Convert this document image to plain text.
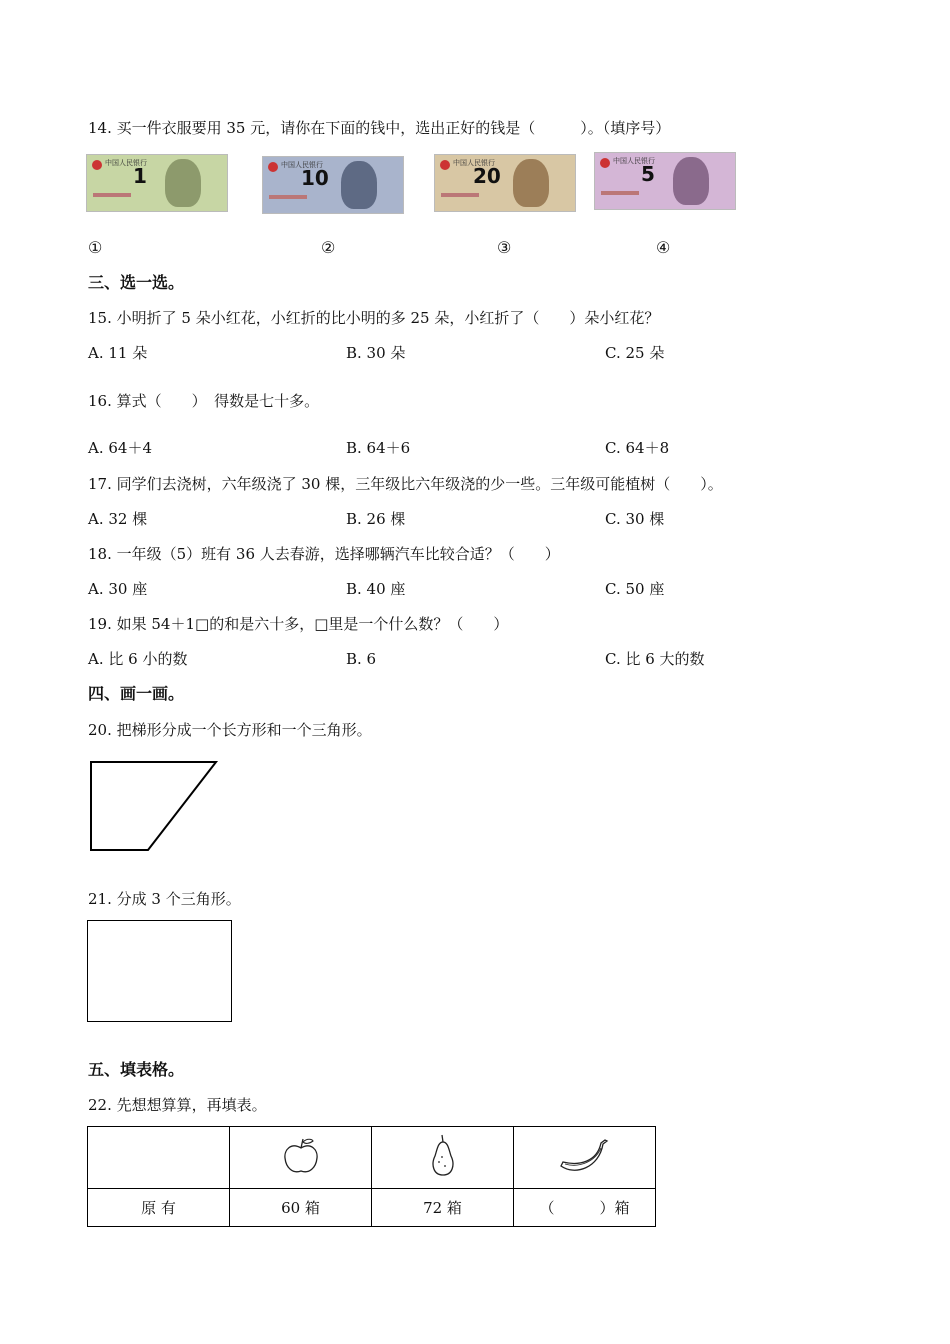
14. 买一件衣服要用 35 元，请你在下面的钱中，选出正好的钱是（　　　）。（填序号）
中国人民银行
1	中国人民银行
10
中国人民银行
20
中国人民银行
5
①	②	③	④
三、选一选。
15. 小明折了 5 朵小红花，小红折的比小明的多 25 朵，小红折了（　　）朵小红花？
A. 11 朵	B. 30 朵	C. 25 朵
16. 算式（　　）　得数是七十多。
A. 64＋4	B. 64＋6	C. 64＋8
17. 同学们去浇树，六年级浇了 30 棵，三年级比六年级浇的少一些。三年级可能植树（　　）。
A. 32 棵	B. 26 棵	C. 30 棵
18. 一年级（5）班有 36 人去春游，选择哪辆汽车比较合适？（　　）
A. 30 座	B. 40 座	C. 50 座
19. 如果 54＋1□的和是六十多，□里是一个什么数？（　　）
A. 比 6 小的数	B. 6	C. 比 6 大的数
四、画一画。
20. 把梯形分成一个长方形和一个三角形。
21. 分成 3 个三角形。
五、填表格。
22. 先想想算算，再填表。

原 有	60 箱	72 箱	（　　　）箱
